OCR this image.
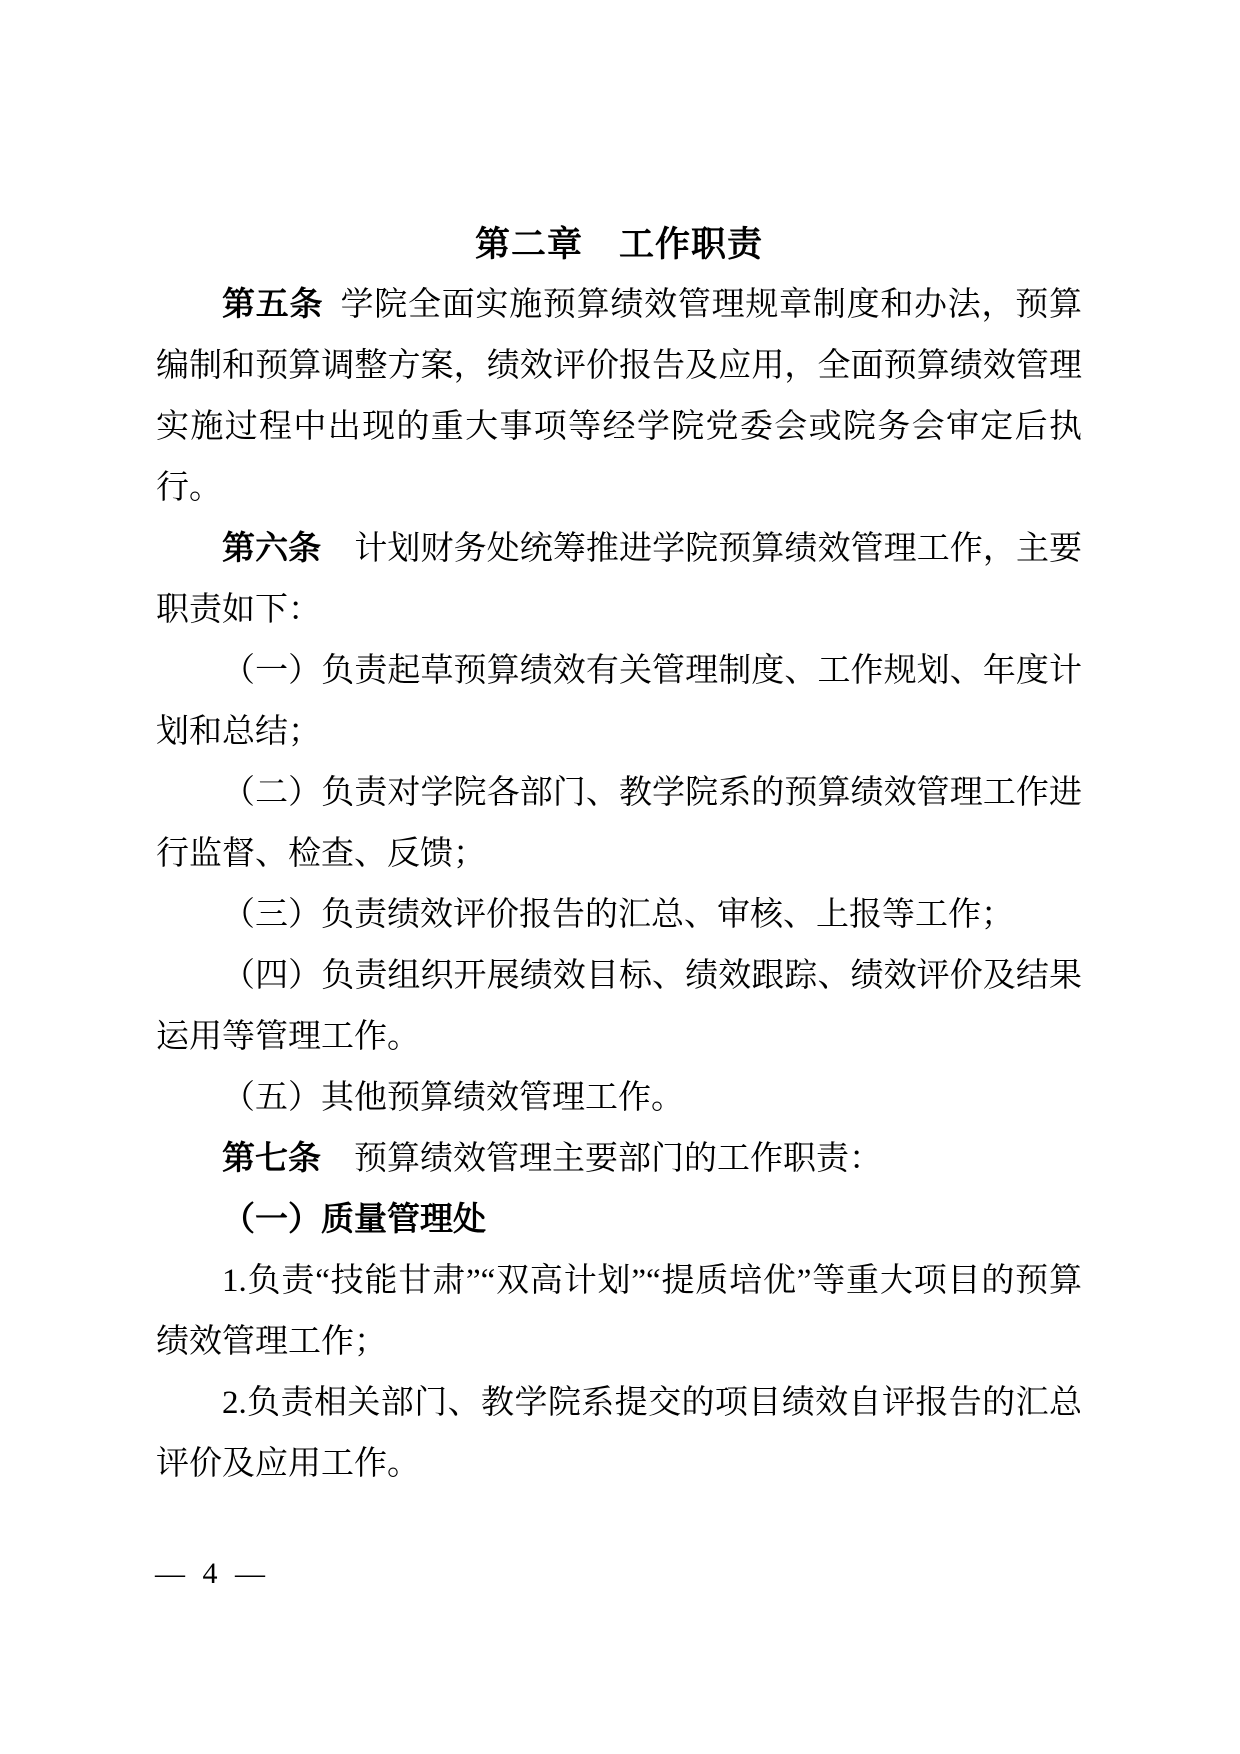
第二章　工作职责
第五条  学院全面实施预算绩效管理规章制度和办法，预算编制和预算调整方案，绩效评价报告及应用，全面预算绩效管理实施过程中出现的重大事项等经学院党委会或院务会审定后执行。
第六条　 计划财务处统筹推进学院预算绩效管理工作，主要职责如下：
（一）负责起草预算绩效有关管理制度、工作规划、年度计划和总结；
（二）负责对学院各部门、教学院系的预算绩效管理工作进行监督、检查、反馈；
（三）负责绩效评价报告的汇总、审核、上报等工作；
（四）负责组织开展绩效目标、绩效跟踪、绩效评价及结果运用等管理工作。
（五）其他预算绩效管理工作。
第七条　 预算绩效管理主要部门的工作职责：
（一）质量管理处
1.负责“技能甘肃”“双高计划”“提质培优”等重大项目的预算绩效管理工作；
2.负责相关部门、教学院系提交的项目绩效自评报告的汇总评价及应用工作。
— 4 —
